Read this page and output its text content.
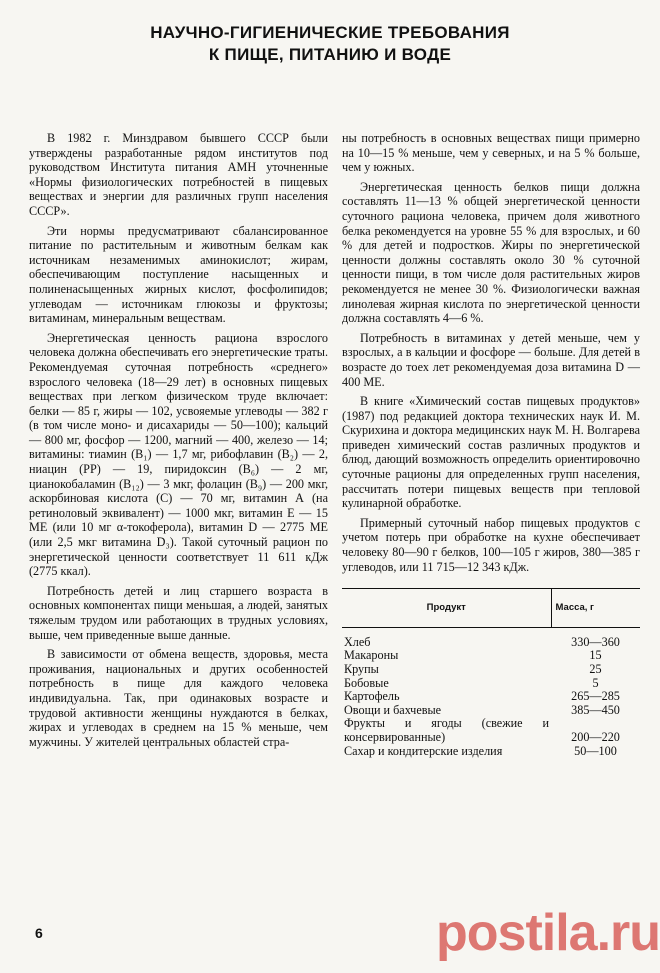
НАУЧНО-ГИГИЕНИЧЕСКИЕ ТРЕБОВАНИЯ
К ПИЩЕ, ПИТАНИЮ И ВОДЕ

В 1982 г. Минздравом бывшего СССР были утверждены разработанные рядом институтов под руководством Института питания АМН уточненные «Нормы физиологических потребностей в пищевых веществах и энергии для различных групп населения СССР».

Эти нормы предусматривают сбалансированное питание по растительным и животным белкам как источникам незаменимых аминокислот; жирам, обеспечивающим поступление насыщенных и полиненасыщенных жирных кислот, фосфолипидов; углеводам — источникам глюкозы и фруктозы; витаминам, минеральным веществам.

Энергетическая ценность рациона взрослого человека должна обеспечивать его энергетические траты. Рекомендуемая суточная потребность «среднего» взрослого человека (18—29 лет) в основных пищевых веществах при легком физическом труде включает: белки — 85 г, жиры — 102, усвояемые углеводы — 382 г (в том числе моно- и дисахариды — 50—100); кальций — 800 мг, фосфор — 1200, магний — 400, железо — 14; витамины: тиамин (B₁) — 1,7 мг, рибофлавин (B₂) — 2, ниацин (PP) — 19, пиридоксин (B₆) — 2 мг, цианокобаламин (B₁₂) — 3 мкг, фолацин (B₉) — 200 мкг, аскорбиновая кислота (С) — 70 мг, витамин А (на ретиноловый эквивалент) — 1000 мкг, витамин Е — 15 МЕ (или 10 мг α-токоферола), витамин D — 2775 МЕ (или 2,5 мкг витамина D₃). Такой суточный рацион по энергетической ценности соответствует 11 611 кДж (2775 ккал).

Потребность детей и лиц старшего возраста в основных компонентах пищи меньшая, а людей, занятых тяжелым трудом или работающих в трудных условиях, выше, чем приведенные выше данные.

В зависимости от обмена веществ, здоровья, места проживания, национальных и других особенностей потребность в пище для каждого человека индивидуальна. Так, при одинаковых возрасте и трудовой активности женщины нуждаются в белках, жирах и углеводах в среднем на 15 % меньше, чем мужчины. У жителей центральных областей стра-

ны потребность в основных веществах пищи примерно на 10—15 % меньше, чем у северных, и на 5 % больше, чем у южных.

Энергетическая ценность белков пищи должна составлять 11—13 % общей энергетической ценности суточного рациона человека, причем доля животного белка рекомендуется на уровне 55 % для взрослых, и 60 % для детей и подростков. Жиры по энергетической ценности должны составлять около 30 % суточной ценности пищи, в том числе доля растительных жиров рекомендуется не менее 30 %. Физиологически важная линолевая жирная кислота по энергетической ценности должна составлять 4—6 %.

Потребность в витаминах у детей меньше, чем у взрослых, а в кальции и фосфоре — больше. Для детей в возрасте до тоех лет рекомендуемая доза витамина D — 400 МЕ.

В книге «Химический состав пищевых продуктов» (1987) под редакцией доктора технических наук И. М. Скурихина и доктора медицинских наук М. Н. Волгарева приведен химический состав различных продуктов и блюд, дающий возможность определить ориентировочно суточные рационы для определенных групп населения, рассчитать потери пищевых веществ при тепловой кулинарной обработке.

Примерный суточный набор пищевых продуктов с учетом потерь при обработке на кухне обеспечивает человеку 80—90 г белков, 100—105 г жиров, 380—385 г углеводов, или 11 715—12 343 кДж.

Продукт	Масса, г
Хлеб	330—360
Макароны	15
Крупы	25
Бобовые	5
Картофель	265—285
Овощи и бахчевые	385—450
Фрукты и ягоды (свежие и консервированные)	200—220
Сахар и кондитерские изделия	50—100
6	postila.ru
